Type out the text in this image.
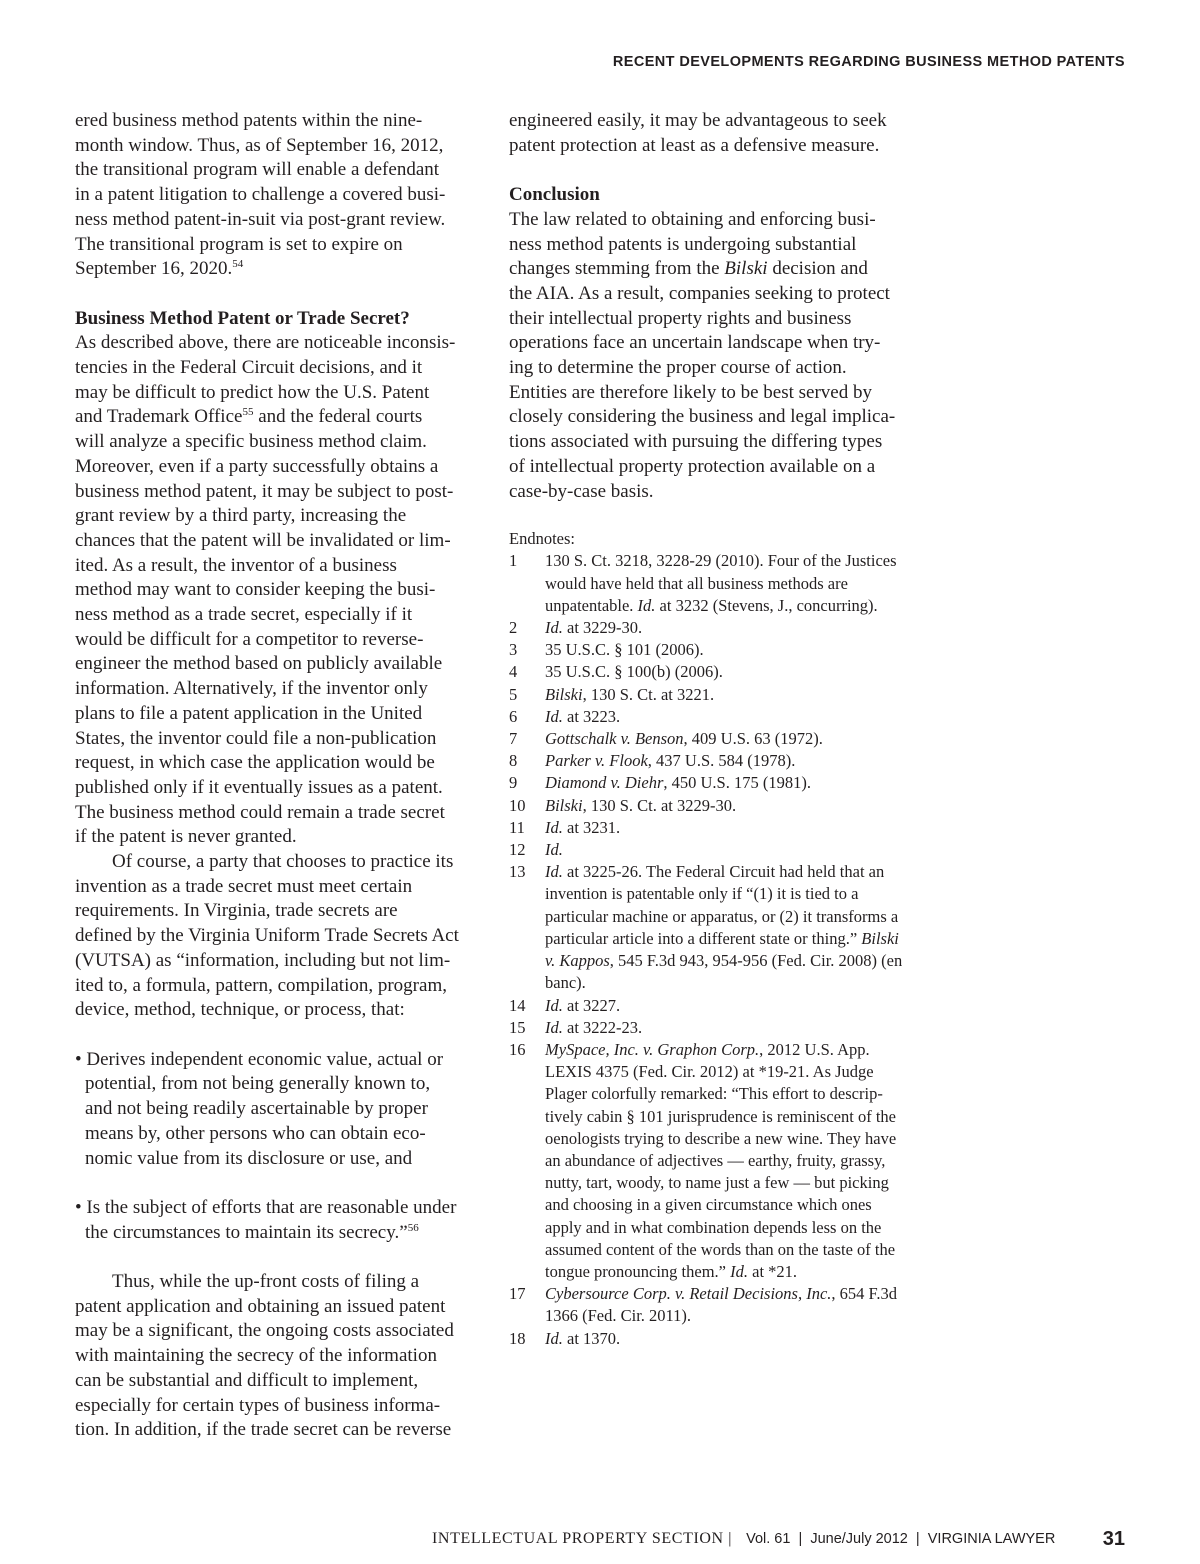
RECENT DEVELOPMENTS REGARDING BUSINESS METHOD PATENTS
ered business method patents within the nine-
month window. Thus, as of September 16, 2012,
the transitional program will enable a defendant
in a patent litigation to challenge a covered busi-
ness method patent-in-suit via post-grant review.
The transitional program is set to expire on
September 16, 2020.54
Business Method Patent or Trade Secret?
As described above, there are noticeable inconsis-
tencies in the Federal Circuit decisions, and it
may be difficult to predict how the U.S. Patent
and Trademark Office$^{55}$ and the federal courts
will analyze a specific business method claim.
Moreover, even if a party successfully obtains a
business method patent, it may be subject to post-
grant review by a third party, increasing the
chances that the patent will be invalidated or lim-
ited. As a result, the inventor of a business
method may want to consider keeping the busi-
ness method as a trade secret, especially if it
would be difficult for a competitor to reverse-
engineer the method based on publicly available
information. Alternatively, if the inventor only
plans to file a patent application in the United
States, the inventor could file a non-publication
request, in which case the application would be
published only if it eventually issues as a patent.
The business method could remain a trade secret
if the patent is never granted.
Of course, a party that chooses to practice its
invention as a trade secret must meet certain
requirements. In Virginia, trade secrets are
defined by the Virginia Uniform Trade Secrets Act
(VUTSA) as “information, including but not lim-
ited to, a formula, pattern, compilation, program,
device, method, technique, or process, that:
• Derives independent economic value, actual or
potential, from not being generally known to,
and not being readily ascertainable by proper
means by, other persons who can obtain eco-
nomic value from its disclosure or use, and
• Is the subject of efforts that are reasonable under
the circumstances to maintain its secrecy.”$^{56}$
Thus, while the up-front costs of filing a
patent application and obtaining an issued patent
may be a significant, the ongoing costs associated
with maintaining the secrecy of the information
can be substantial and difficult to implement,
especially for certain types of business informa-
tion. In addition, if the trade secret can be reverse
engineered easily, it may be advantageous to seek
patent protection at least as a defensive measure.
Conclusion
The law related to obtaining and enforcing busi-
ness method patents is undergoing substantial
changes stemming from the Bilski decision and
the AIA. As a result, companies seeking to protect
their intellectual property rights and business
operations face an uncertain landscape when try-
ing to determine the proper course of action.
Entities are therefore likely to be best served by
closely considering the business and legal implica-
tions associated with pursuing the differing types
of intellectual property protection available on a
case-by-case basis.
Endnotes:
1	130 S. Ct. 3218, 3228-29 (2010). Four of the Justices would have held that all business methods are unpatentable. Id. at 3232 (Stevens, J., concurring).
2	Id. at 3229-30.
3	35 U.S.C. § 101 (2006).
4	35 U.S.C. § 100(b) (2006).
5	Bilski, 130 S. Ct. at 3221.
6	Id. at 3223.
7	Gottschalk v. Benson, 409 U.S. 63 (1972).
8	Parker v. Flook, 437 U.S. 584 (1978).
9	Diamond v. Diehr, 450 U.S. 175 (1981).
10	Bilski, 130 S. Ct. at 3229-30.
11	Id. at 3231.
12	Id.
13	Id. at 3225-26. The Federal Circuit had held that an invention is patentable only if “(1) it is tied to a particular machine or apparatus, or (2) it transforms a particular article into a different state or thing.” Bilski v. Kappos, 545 F.3d 943, 954-956 (Fed. Cir. 2008) (en banc).
14	Id. at 3227.
15	Id. at 3222-23.
16	MySpace, Inc. v. Graphon Corp., 2012 U.S. App. LEXIS 4375 (Fed. Cir. 2012) at *19-21. As Judge Plager colorfully remarked: “This effort to descriptively cabin § 101 jurisprudence is reminiscent of the oenologists trying to describe a new wine. They have an abundance of adjectives — earthy, fruity, grassy, nutty, tart, woody, to name just a few — but picking and choosing in a given circumstance which ones apply and in what combination depends less on the assumed content of the words than on the taste of the tongue pronouncing them.” Id. at *21.
17	Cybersource Corp. v. Retail Decisions, Inc., 654 F.3d 1366 (Fed. Cir. 2011).
18	Id. at 1370.
INTELLECTUAL PROPERTY SECTION | Vol. 61  |  June/July 2012  |  VIRGINIA LAWYER 31
